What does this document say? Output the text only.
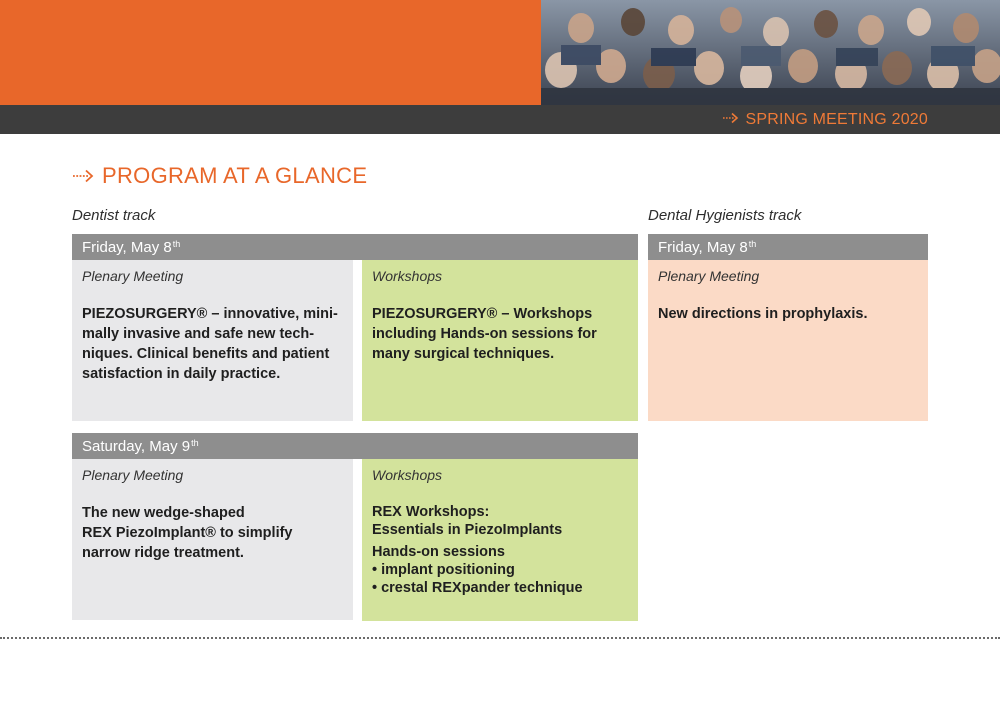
SPRING MEETING 2020
PROGRAM AT A GLANCE
Dentist track	Dental Hygienists track
Friday, May 8th	Friday, May 8th
Plenary Meeting
PIEZOSURGERY® – innovative, mini-
mally invasive and safe new tech-
niques. Clinical benefits and patient
satisfaction in daily practice.
Workshops
PIEZOSURGERY® – Workshops
including Hands-on sessions for
many surgical techniques.
Plenary Meeting
New directions in prophylaxis.
Saturday, May 9th
Plenary Meeting
The new wedge-shaped
REX PiezoImplant® to simplify
narrow ridge treatment.
Workshops
REX Workshops:
Essentials in PiezoImplants
Hands-on sessions
• implant positioning
• crestal REXpander technique
